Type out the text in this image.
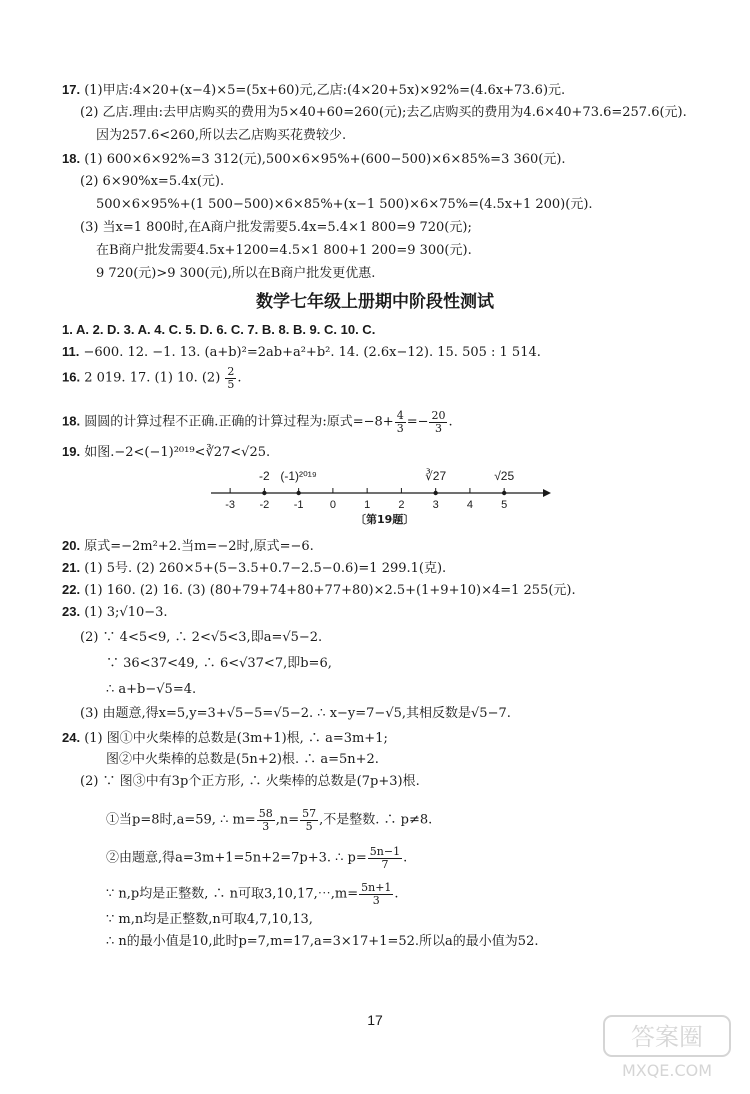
17. (1)甲店:4×20+(x−4)×5=(5x+60)元,乙店:(4×20+5x)×92%=(4.6x+73.6)元.
(2) 乙店.理由:去甲店购买的费用为5×40+60=260(元);去乙店购买的费用为4.6×40+73.6=257.6(元).
因为257.6<260,所以去乙店购买花费较少.
18. (1) 600×6×92%=3 312(元),500×6×95%+(600−500)×6×85%=3 360(元).
(2) 6×90%x=5.4x(元).
500×6×95%+(1 500−500)×6×85%+(x−1 500)×6×75%=(4.5x+1 200)(元).
(3) 当x=1 800时,在A商户批发需要5.4x=5.4×1 800=9 720(元);
在B商户批发需要4.5x+1200=4.5×1 800+1 200=9 300(元).
9 720(元)>9 300(元),所以在B商户批发更优惠.
数学七年级上册期中阶段性测试
1. A. 2. D. 3. A. 4. C. 5. D. 6. C. 7. B. 8. B. 9. C. 10. C.
11. −600. 12. −1. 13. (a+b)²=2ab+a²+b². 14. (2.6x−12). 15. 505 : 1 514.
16. 2 019. 17. (1) 10. $(2) \frac{2}{5}$ .
18. 圆圆的计算过程不正确.正确的计算过程为:原式$=-8+ \frac{4}{3} =- \frac{20}{3}$ .
19. 如图.−2<(−1)²⁰¹⁹<∛27<√25.
-3 -2 -1 0	1	2	3	4	5
-2 (-1)²⁰¹⁹	∛27	√25
〔第19题〕
20. 原式=−2m²+2.当m=−2时,原式=−6.
21. (1) 5号. (2) 260×5+(5−3.5+0.7−2.5−0.6)=1 299.1(克).
22. (1) 160. (2) 16. (3) (80+79+74+80+77+80)×2.5+(1+9+10)×4=1 255(元).
23. (1) 3;√10−3.
(2) ∵ 4<5<9, ∴ 2<√5<3,即a=√5−2.
∵ 36<37<49, ∴ 6<√37<7,即b=6,
∴ a+b−√5=4.
(3) 由题意,得x=5,y=3+√5−5=√5−2. ∴ x−y=7−√5,其相反数是√5−7.
24. (1) 图①中火柴棒的总数是(3m+1)根, ∴ a=3m+1;
图②中火柴棒的总数是(5n+2)根. ∴ a=5n+2.
(2) ∵ 图③中有3p个正方形, ∴ 火柴棒的总数是(7p+3)根.
①当p=8时,a=59, ∴ $m= \frac{58}{3} ,n= \frac{57}{5}$ ,不是整数. ∴ p≠8.
②由题意,得a=3m+1=5n+2=7p+3. ∴ $p= \frac{5n-1}{7}$ .
∵ n,p均是正整数, ∴ n可取3,10,17,⋯,m= $\frac{5n+1}{3}$ .
∵ m,n均是正整数,n可取4,7,10,13,
∴ n的最小值是10,此时p=7,m=17,a=3×17+1=52.所以a的最小值为52.
17
答案圈
MXQE.COM
